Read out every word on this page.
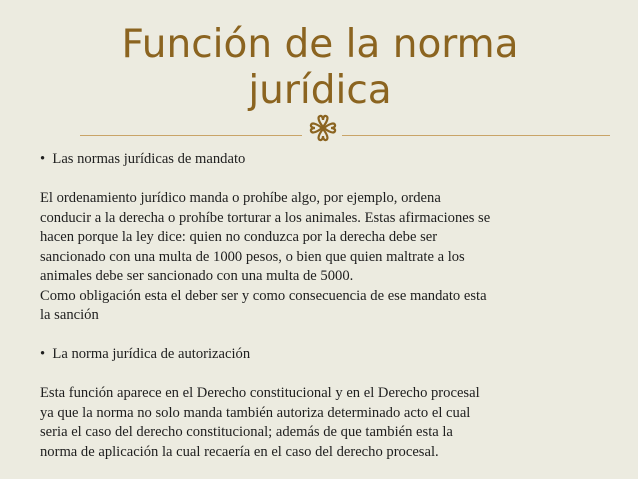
Función de la norma jurídica

• Las normas jurídicas de mandato

El ordenamiento jurídico manda o prohíbe algo, por ejemplo, ordena
conducir a la derecha o prohíbe torturar a los animales. Estas afirmaciones se
hacen porque la ley dice: quien no conduzca por la derecha debe ser
sancionado con una multa de 1000 pesos, o bien que quien maltrate a los
animales debe ser sancionado con una multa de 5000.
Como obligación esta el deber ser y como consecuencia de ese mandato esta
la sanción

• La norma jurídica de autorización

Esta función aparece en el Derecho constitucional y en el Derecho procesal
ya que la norma no solo manda también autoriza determinado acto el cual
seria el caso del derecho constitucional; además de que también esta la
norma de aplicación la cual recaería en el caso del derecho procesal.
